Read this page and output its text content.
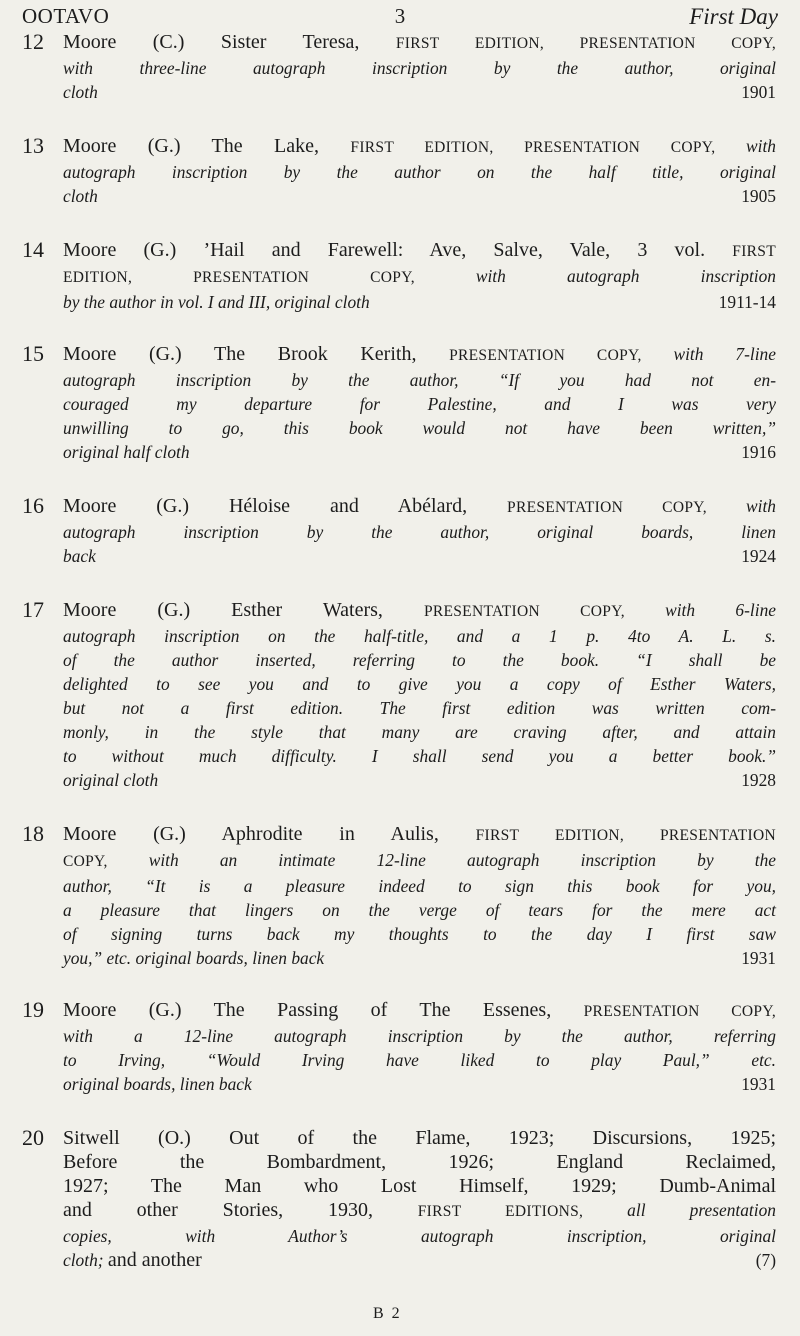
OOTAVO	3	First Day
12 Moore (C.) Sister Teresa, FIRST EDITION, PRESENTATION COPY,
with three-line autograph inscription by the author, original
cloth	1901
13 Moore (G.) The Lake, FIRST EDITION, PRESENTATION COPY, with
autograph inscription by the author on the half title, original
cloth	1905
14 Moore (G.) ’Hail and Farewell: Ave, Salve, Vale, 3 vol. FIRST
EDITION, PRESENTATION COPY, with autograph inscription
by the author in vol. I and III, original cloth	1911-14
15 Moore (G.) The Brook Kerith, PRESENTATION COPY, with 7-line
autograph inscription by the author, “If you had not en-
couraged my departure for Palestine, and I was very
unwilling to go, this book would not have been written,”
original half cloth	1916
16 Moore (G.) Héloise and Abélard, PRESENTATION COPY, with
autograph inscription by the author, original boards, linen
back	1924
17 Moore (G.) Esther Waters, PRESENTATION COPY, with 6-line
autograph inscription on the half-title, and a 1 p. 4to A. L. s.
of the author inserted, referring to the book. “I shall be
delighted to see you and to give you a copy of Esther Waters,
but not a first edition. The first edition was written com-
monly, in the style that many are craving after, and attain
to without much difficulty. I shall send you a better book.”
original cloth	1928
18 Moore (G.) Aphrodite in Aulis, FIRST EDITION, PRESENTATION
COPY, with an intimate 12-line autograph inscription by the
author, “It is a pleasure indeed to sign this book for you,
a pleasure that lingers on the verge of tears for the mere act
of signing turns back my thoughts to the day I first saw
you,” etc. original boards, linen back	1931
19 Moore (G.) The Passing of The Essenes, PRESENTATION COPY,
with a 12-line autograph inscription by the author, referring
to Irving, “Would Irving have liked to play Paul,” etc.
original boards, linen back	1931
20 Sitwell (O.) Out of the Flame, 1923; Discursions, 1925;
Before the Bombardment, 1926; England Reclaimed,
1927; The Man who Lost Himself, 1929; Dumb-Animal
and other Stories, 1930, FIRST EDITIONS, all presentation
copies, with Author’s autograph inscription, original
cloth; and another	(7)
B 2
